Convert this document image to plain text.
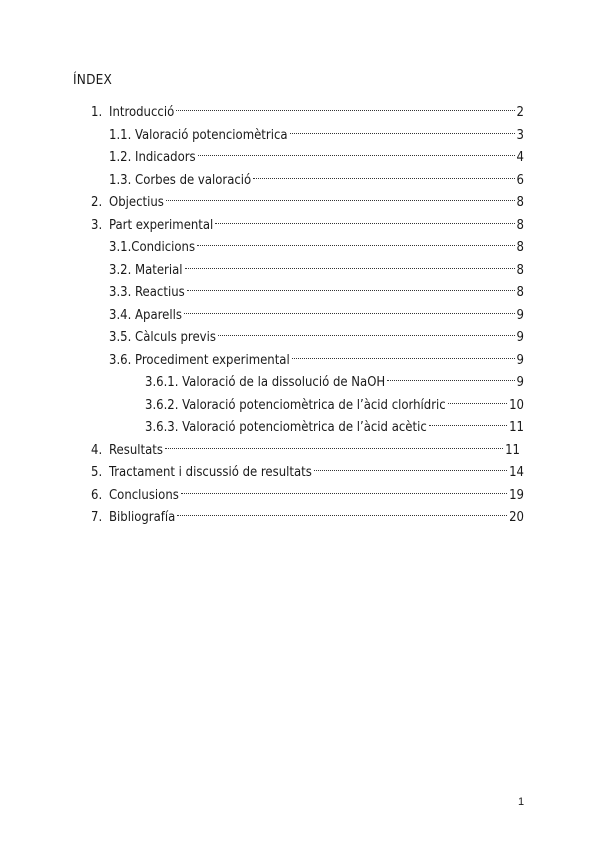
ÍNDEX
1. Introducció	2
1.1. Valoració potenciomètrica	3
1.2. Indicadors	4
1.3. Corbes de valoració	6
2. Objectius	8
3. Part experimental	8
3.1.Condicions	8
3.2. Material	8
3.3. Reactius	8
3.4. Aparells	9
3.5. Càlculs previs	9
3.6. Procediment experimental	9
3.6.1. Valoració de la dissolució de NaOH	9
3.6.2. Valoració potenciomètrica de l’àcid clorhídric	10
3.6.3. Valoració potenciomètrica de l’àcid acètic	11
4. Resultats	11
5. Tractament i discussió de resultats	14
6. Conclusions	19
7. Bibliografía	20
1
